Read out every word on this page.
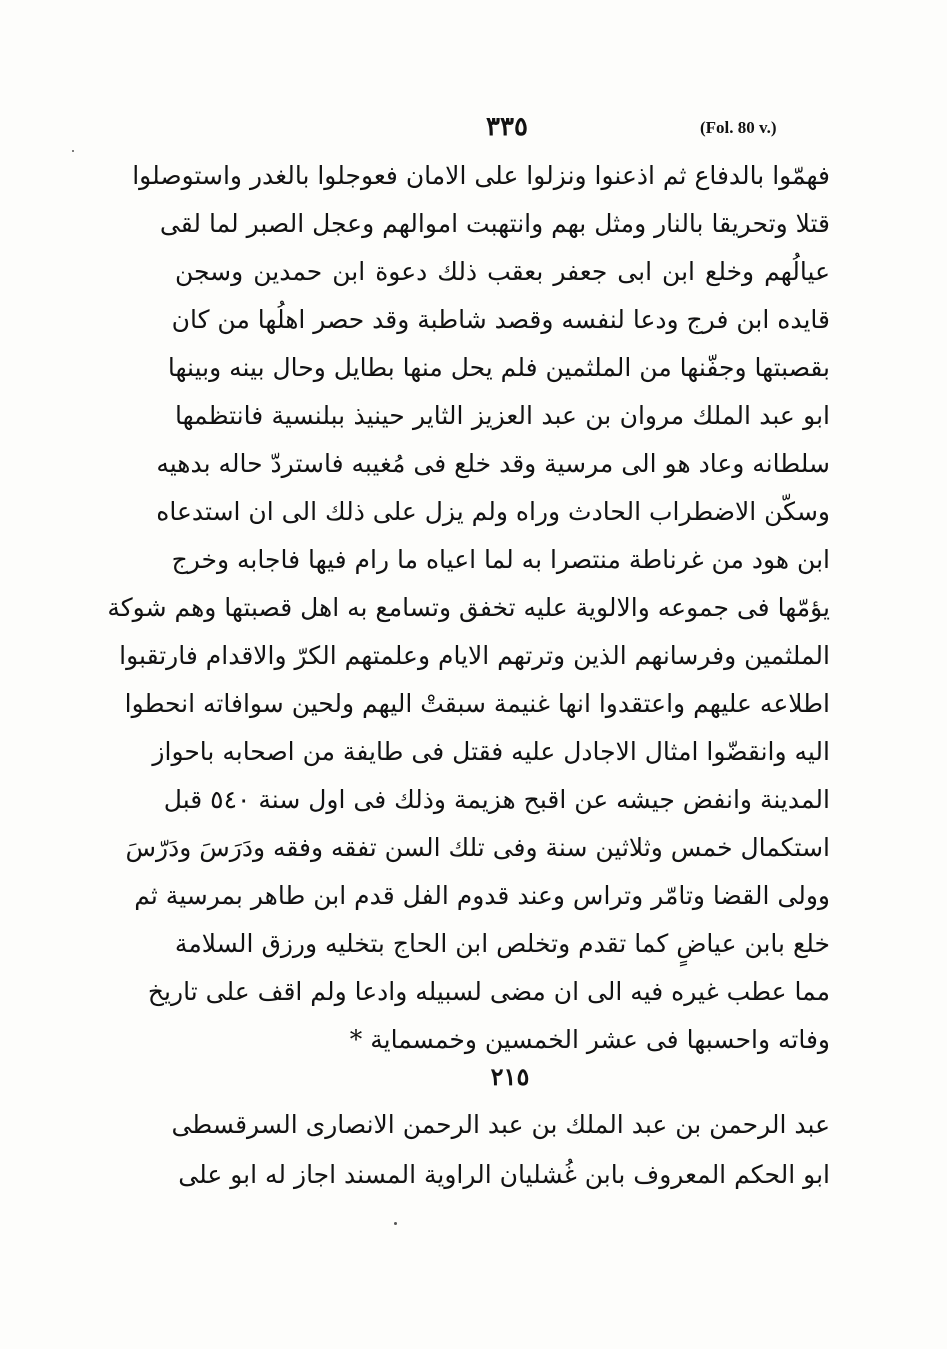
٣٣٥	(Fol. 80 v.)
فهمّوا بالدفاع ثم اذعنوا ونزلوا على الامان فعوجلوا بالغدر واستوصلوا
قتلا وتحريقا بالنار ومثل بهم وانتهبت اموالهم وعجل الصبر لما لقى
عيالُهم وخلع ابن ابى جعفر بعقب ذلك دعوة ابن حمدين وسجن
قايده ابن فرج ودعا لنفسه وقصد شاطبة وقد حصر اهلُها من كان
بقصبتها وجفّنها من الملثمين فلم يحل منها بطايل وحال بينه وبينها
ابو عبد الملك مروان بن عبد العزيز الثاير حينيذ ببلنسية فانتظمها
سلطانه وعاد هو الى مرسية وقد خلع فى مُغيبه فاستردّ حاله بدهيه
وسكّن الاضطراب الحادث وراه ولم يزل على ذلك الى ان استدعاه
ابن هود من غرناطة منتصرا به لما اعياه ما رام فيها فاجابه وخرج
يؤمّها فى جموعه والالوية عليه تخفق وتسامع به اهل قصبتها وهم شوكة
الملثمين وفرسانهم الذين وترتهم الايام وعلمتهم الكرّ والاقدام فارتقبوا
اطلاعه عليهم واعتقدوا انها غنيمة سبقتْ اليهم ولحين سوافاته انحطوا
اليه وانقضّوا امثال الاجادل عليه فقتل فى طايفة من اصحابه باحواز
المدينة وانفض جيشه عن اقبح هزيمة وذلك فى اول سنة ٥٤٠ قبل
استكمال خمس وثلاثين سنة وفى تلك السن تفقه وفقه ودَرَسَ ودَرّسَ
وولى القضا وتامّر وتراس وعند قدوم الفل قدم ابن طاهر بمرسية ثم
خلع بابن عياضٍ كما تقدم وتخلص ابن الحاج بتخليه ورزق السلامة
مما عطب غيره فيه الى ان مضى لسبيله وادعا ولم اقف على تاريخ
وفاته واحسبها فى عشر الخمسين وخمسماية *
٢١٥
عبد الرحمن بن عبد الملك بن عبد الرحمن الانصارى السرقسطى
ابو الحكم المعروف بابن غُشليان الراوية المسند اجاز له ابو على
